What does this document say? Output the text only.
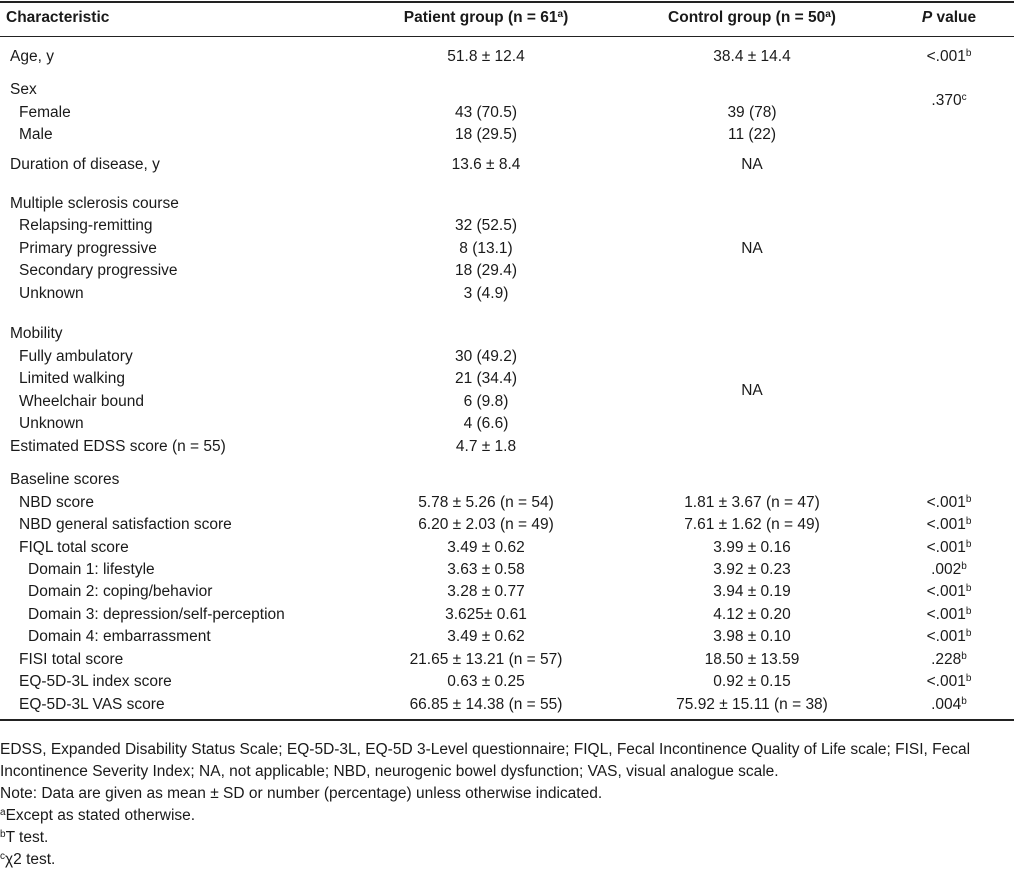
Characteristic	Patient group $(n = 61^a)$	Control group $(n = 50^a)$	P value
Age, y	51.8 ± 12.4	38.4 ± 14.4	<.001$^b$
Sex
.370$^c$
Female	43 (70.5)	39 (78)
Male	18 (29.5)	11 (22)
Duration of disease, y	13.6 ± 8.4	NA
Multiple sclerosis course
Relapsing-remitting	32 (52.5)
Primary progressive	8 (13.1)	NA
Secondary progressive	18 (29.4)
Unknown	3 (4.9)
Mobility
Fully ambulatory	30 (49.2)
Limited walking	21 (34.4)
NA
Wheelchair bound	6 (9.8)
Unknown	4 (6.6)
Estimated EDSS score (n = 55)	4.7 ± 1.8
Baseline scores
NBD score	5.78 ± 5.26 (n = 54)	1.81 ± 3.67 (n = 47)	<.001$^b$
NBD general satisfaction score	6.20 ± 2.03 (n = 49)	7.61 ± 1.62 (n = 49)	<.001$^b$
FIQL total score	3.49 ± 0.62	3.99 ± 0.16	<.001$^b$
Domain 1: lifestyle	3.63 ± 0.58	3.92 ± 0.23	.002$^b$
Domain 2: coping/behavior	3.28 ± 0.77	3.94 ± 0.19	<.001$^b$
Domain 3: depression/self-perception	3.625± 0.61	4.12 ± 0.20	<.001$^b$
Domain 4: embarrassment	3.49 ± 0.62	3.98 ± 0.10	<.001$^b$
FISI total score	21.65 ± 13.21 (n = 57)	18.50 ± 13.59	.228$^b$
EQ-5D-3L index score	0.63 ± 0.25	0.92 ± 0.15	<.001$^b$
EQ-5D-3L VAS score	66.85 ± 14.38 (n = 55)	75.92 ± 15.11 (n = 38)	.004$^b$

EDSS, Expanded Disability Status Scale; EQ-5D-3L, EQ-5D 3-Level questionnaire; FIQL, Fecal Incontinence Quality of Life scale; FISI, Fecal Incontinence Severity Index; NA, not applicable; NBD, neurogenic bowel dysfunction; VAS, visual analogue scale.

Note: Data are given as mean ± SD or number (percentage) unless otherwise indicated.

$^a$Except as stated otherwise.

$^b$T test.

$^c$χ2 test.
